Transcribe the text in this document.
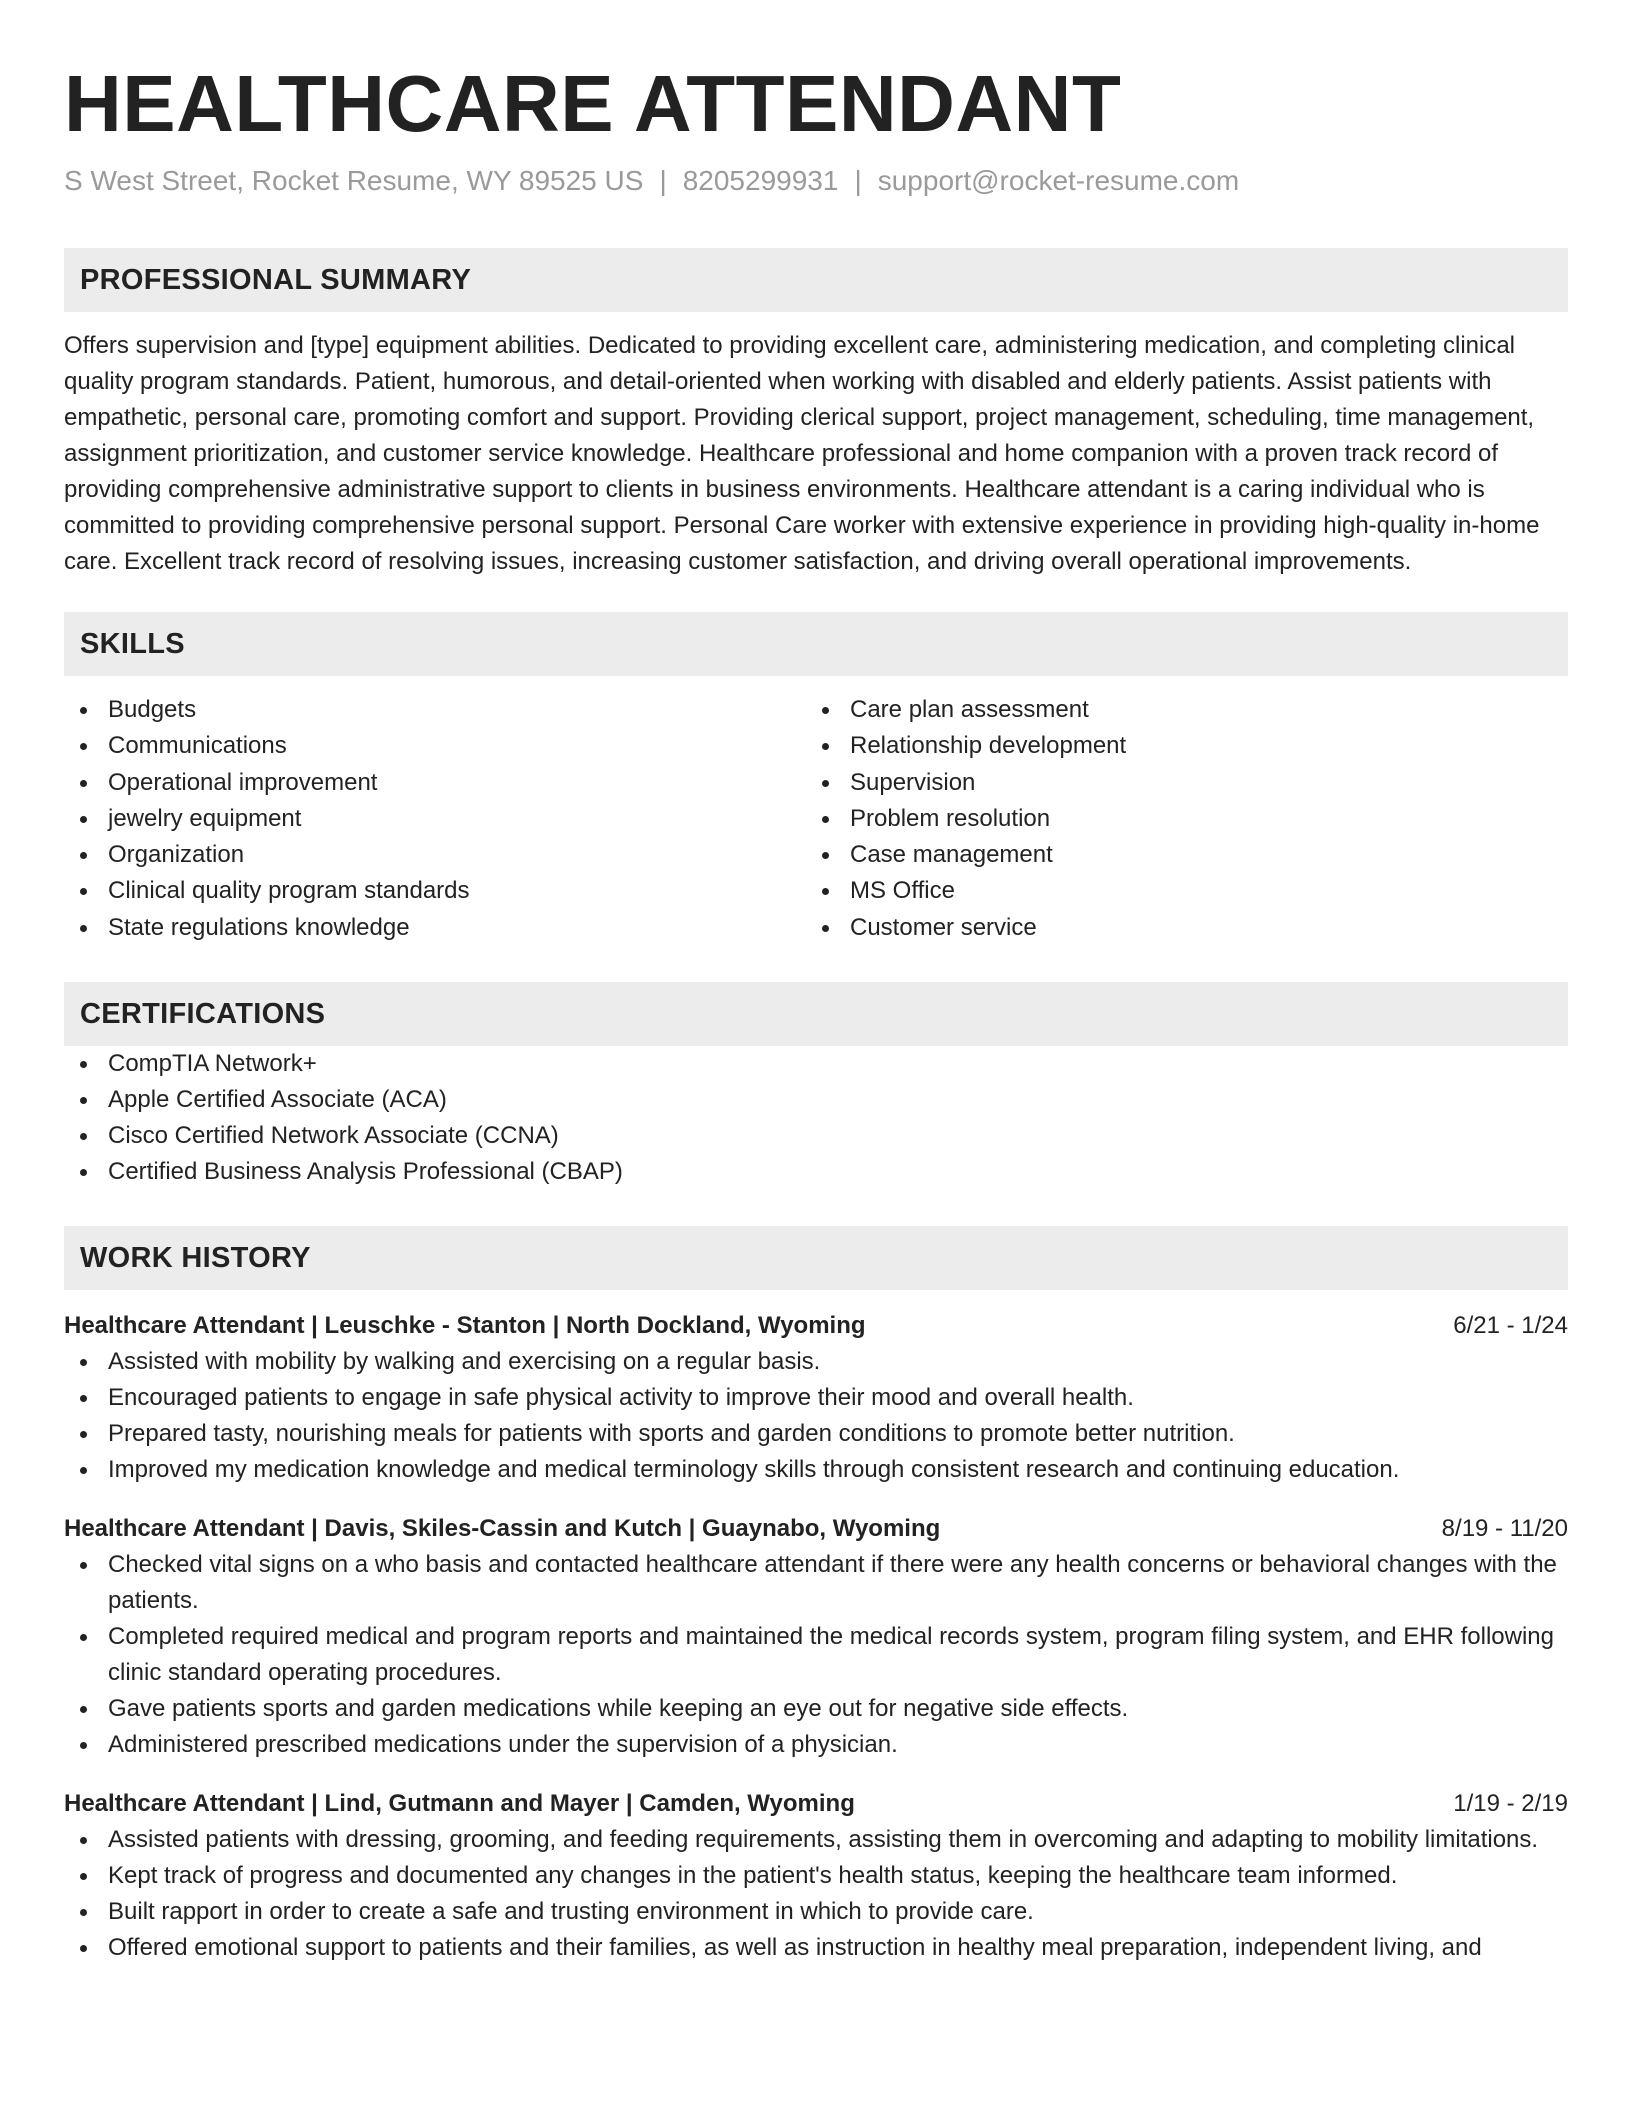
HEALTHCARE ATTENDANT
S West Street, Rocket Resume, WY 89525 US | 8205299931 | support@rocket-resume.com
PROFESSIONAL SUMMARY
Offers supervision and [type] equipment abilities. Dedicated to providing excellent care, administering medication, and completing clinical quality program standards. Patient, humorous, and detail-oriented when working with disabled and elderly patients. Assist patients with empathetic, personal care, promoting comfort and support. Providing clerical support, project management, scheduling, time management, assignment prioritization, and customer service knowledge. Healthcare professional and home companion with a proven track record of providing comprehensive administrative support to clients in business environments. Healthcare attendant is a caring individual who is committed to providing comprehensive personal support. Personal Care worker with extensive experience in providing high-quality in-home care. Excellent track record of resolving issues, increasing customer satisfaction, and driving overall operational improvements.
SKILLS
Budgets
Communications
Operational improvement
jewelry equipment
Organization
Clinical quality program standards
State regulations knowledge
Care plan assessment
Relationship development
Supervision
Problem resolution
Case management
MS Office
Customer service
CERTIFICATIONS
CompTIA Network+
Apple Certified Associate (ACA)
Cisco Certified Network Associate (CCNA)
Certified Business Analysis Professional (CBAP)
WORK HISTORY
Healthcare Attendant | Leuschke - Stanton | North Dockland, Wyoming	6/21 - 1/24
Assisted with mobility by walking and exercising on a regular basis.
Encouraged patients to engage in safe physical activity to improve their mood and overall health.
Prepared tasty, nourishing meals for patients with sports and garden conditions to promote better nutrition.
Improved my medication knowledge and medical terminology skills through consistent research and continuing education.
Healthcare Attendant | Davis, Skiles-Cassin and Kutch | Guaynabo, Wyoming	8/19 - 11/20
Checked vital signs on a who basis and contacted healthcare attendant if there were any health concerns or behavioral changes with the patients.
Completed required medical and program reports and maintained the medical records system, program filing system, and EHR following clinic standard operating procedures.
Gave patients sports and garden medications while keeping an eye out for negative side effects.
Administered prescribed medications under the supervision of a physician.
Healthcare Attendant | Lind, Gutmann and Mayer | Camden, Wyoming	1/19 - 2/19
Assisted patients with dressing, grooming, and feeding requirements, assisting them in overcoming and adapting to mobility limitations.
Kept track of progress and documented any changes in the patient's health status, keeping the healthcare team informed.
Built rapport in order to create a safe and trusting environment in which to provide care.
Offered emotional support to patients and their families, as well as instruction in healthy meal preparation, independent living, and
